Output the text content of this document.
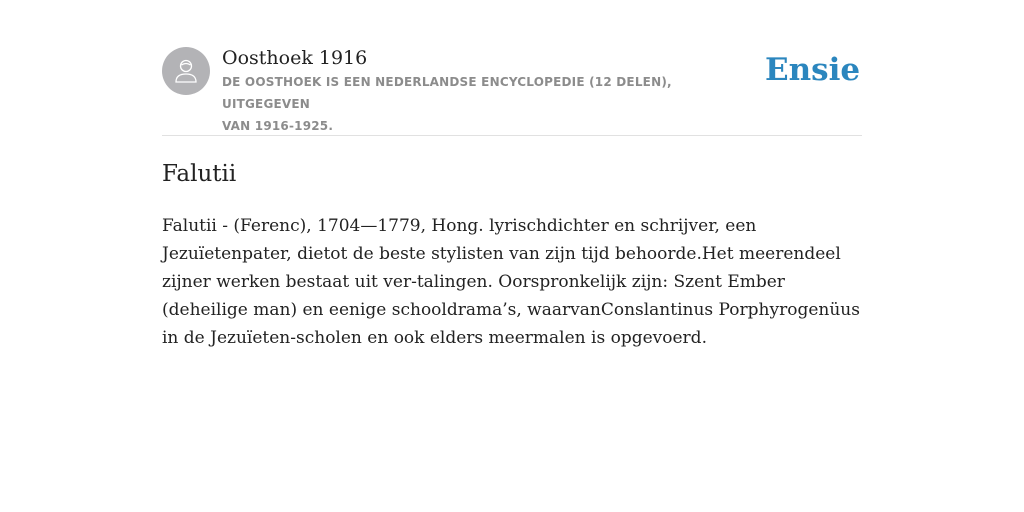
Oosthoek 1916
DE OOSTHOEK IS EEN NEDERLANDSE ENCYCLOPEDIE (12 DELEN), UITGEGEVEN
VAN 1916-1925.
Ensie
Falutii
Falutii - (Ferenc), 1704—1779, Hong. lyrischdichter en schrijver, een
Jezuïetenpater, dietot de beste stylisten van zijn tijd behoorde.Het meerendeel
zijner werken bestaat uit ver-talingen. Oorspronkelijk zijn: Szent Ember
(deheilige man) en eenige schooldrama’s, waarvanConslantinus Porphyrogenüus
in de Jezuïeten-scholen en ook elders meermalen is opgevoerd.
